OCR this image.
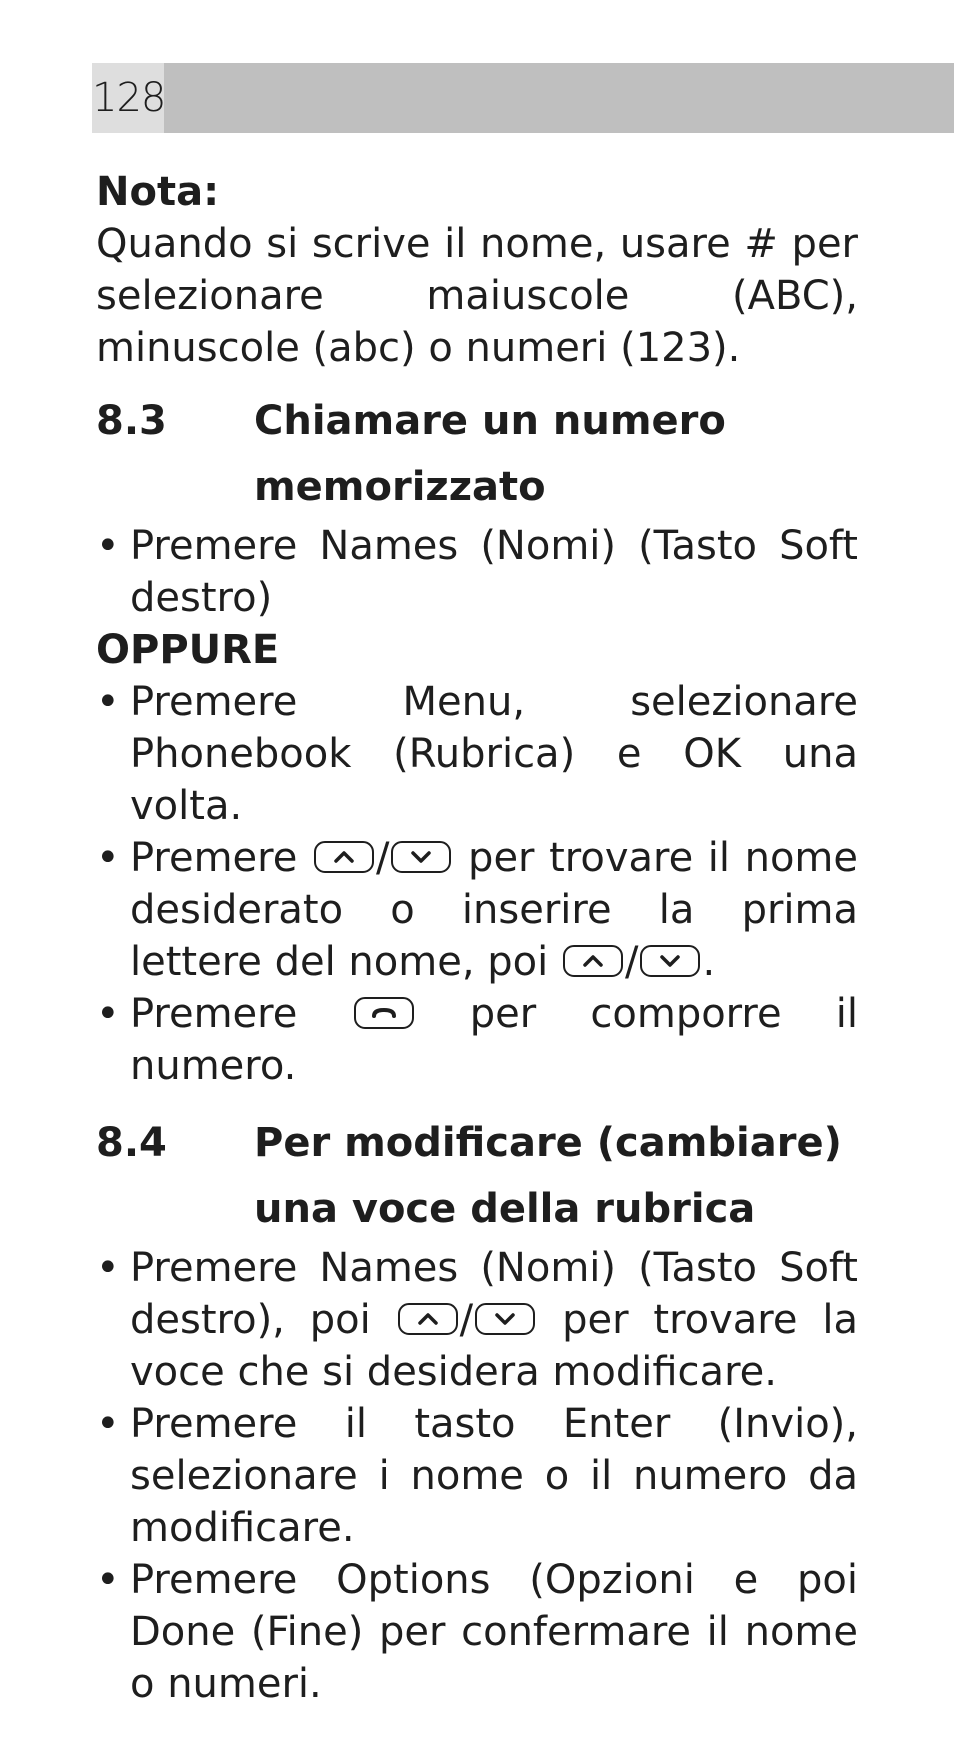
128

Nota:

Quando si scrive il nome, usare # per selezionare maiuscole (ABC), minuscole (abc) o numeri (123).

8.3	Chiamare un numero
memorizzato
• Premere Names (Nomi) (Tasto Soft destro)

OPPURE

• Premere Menu, selezionare Phonebook (Rubrica) e OK una volta.
• Premere / per trovare il nome desiderato o inserire la prima lettere del nome, poi / .
• Premere	per comporre il numero.
8.4	Per modificare (cambiare)
una voce della rubrica
• Premere Names (Nomi) (Tasto Soft destro), poi / per trovare la voce che si desidera modificare.
• Premere il tasto Enter (Invio), selezionare i nome o il numero da modificare.
• Premere Options (Opzioni e poi Done (Fine) per confermare il nome o numeri.
